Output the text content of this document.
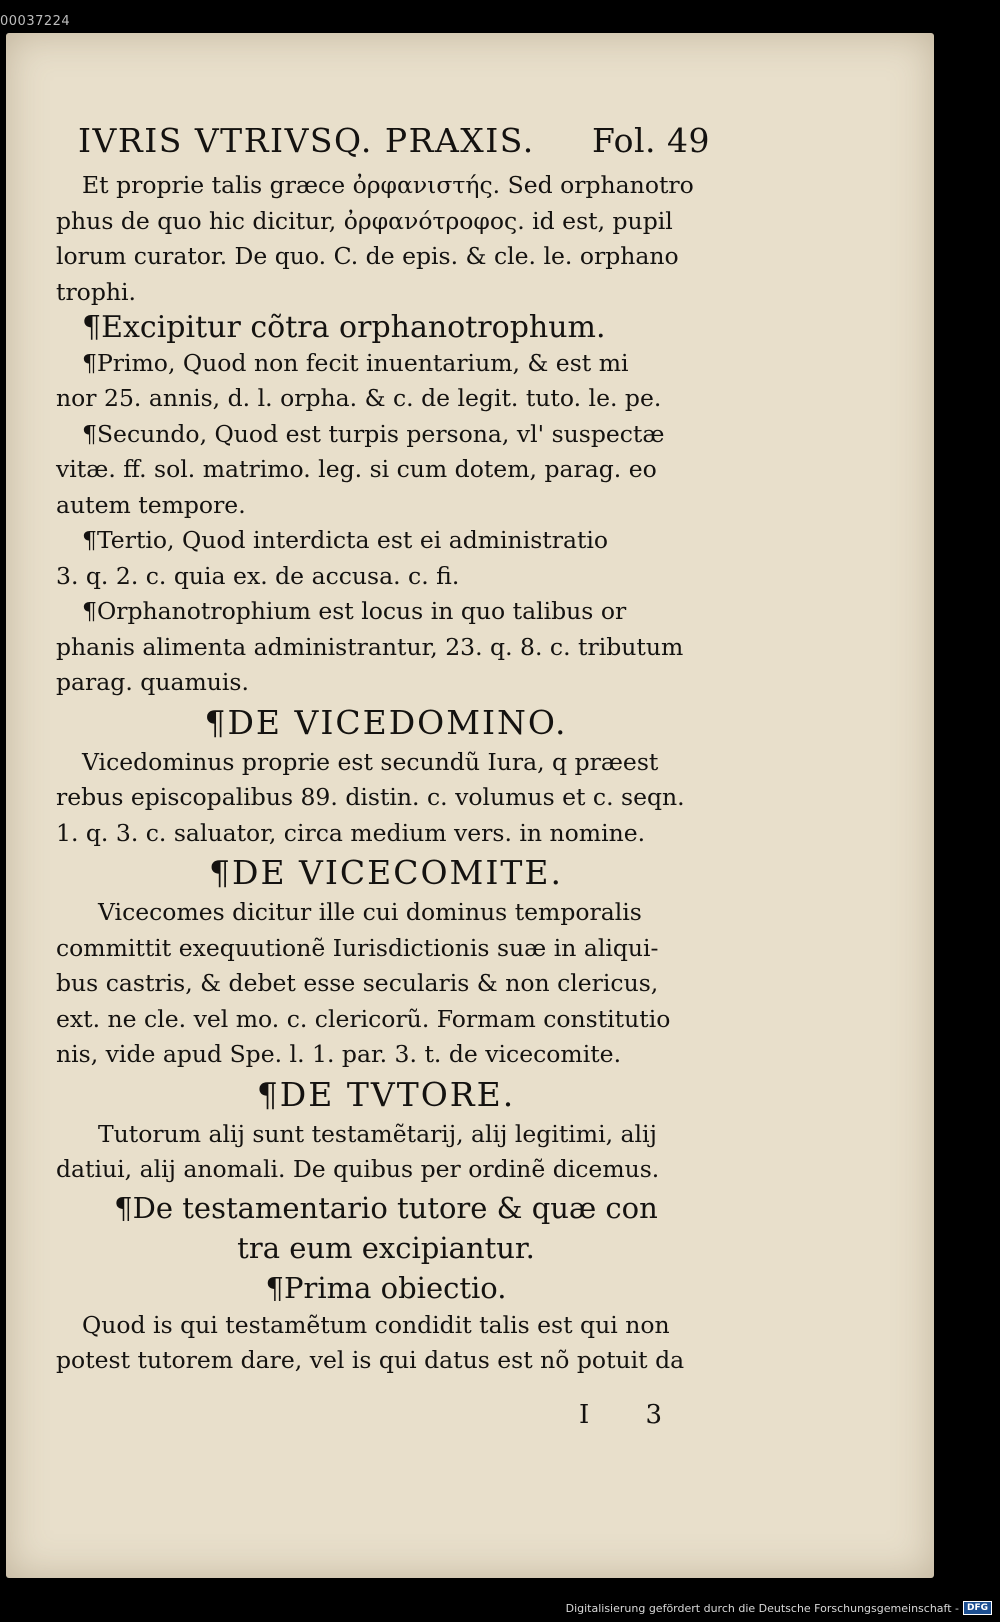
00037224
IVRIS VTRIVSQ. PRAXIS. Fol. 49
Et proprie talis græce ὀρφανιστής. Sed orphanotro
phus de quo hic dicitur, ὀρφανότροφος. id est, pupil
lorum curator. De quo. C. de epis. & cle. le. orphano
trophi.
¶Excipitur cõtra orphanotrophum.
¶Primo, Quod non fecit inuentarium, & est mi
nor 25. annis, d. l. orpha. & c. de legit. tuto. le. pe.
¶Secundo, Quod est turpis persona, vl' suspectæ
vitæ. ff. sol. matrimo. leg. si cum dotem, parag. eo
autem tempore.
¶Tertio, Quod interdicta est ei administratio
3. q. 2. c. quia ex. de accusa. c. fi.
¶Orphanotrophium est locus in quo talibus or
phanis alimenta administrantur, 23. q. 8. c. tributum
parag. quamuis.
¶DE VICEDOMINO.
Vicedominus proprie est secundũ Iura, q præest
rebus episcopalibus 89. distin. c. volumus et c. seqn.
1. q. 3. c. saluator, circa medium vers. in nomine.
¶DE VICECOMITE.
Vicecomes dicitur ille cui dominus temporalis
committit exequutionẽ Iurisdictionis suæ in aliqui-
bus castris, & debet esse secularis & non clericus,
ext. ne cle. vel mo. c. clericorũ. Formam constitutio
nis, vide apud Spe. l. 1. par. 3. t. de vicecomite.
¶DE TVTORE.
Tutorum alij sunt testamẽtarij, alij legitimi, alij
datiui, alij anomali. De quibus per ordinẽ dicemus.
¶De testamentario tutore & quæ con
tra eum excipiantur.
¶Prima obiectio.
Quod is qui testamẽtum condidit talis est qui non
potest tutorem dare, vel is qui datus est nõ potuit da
I 3
Digitalisierung gefördert durch die Deutsche Forschungsgemeinschaft - DFG
